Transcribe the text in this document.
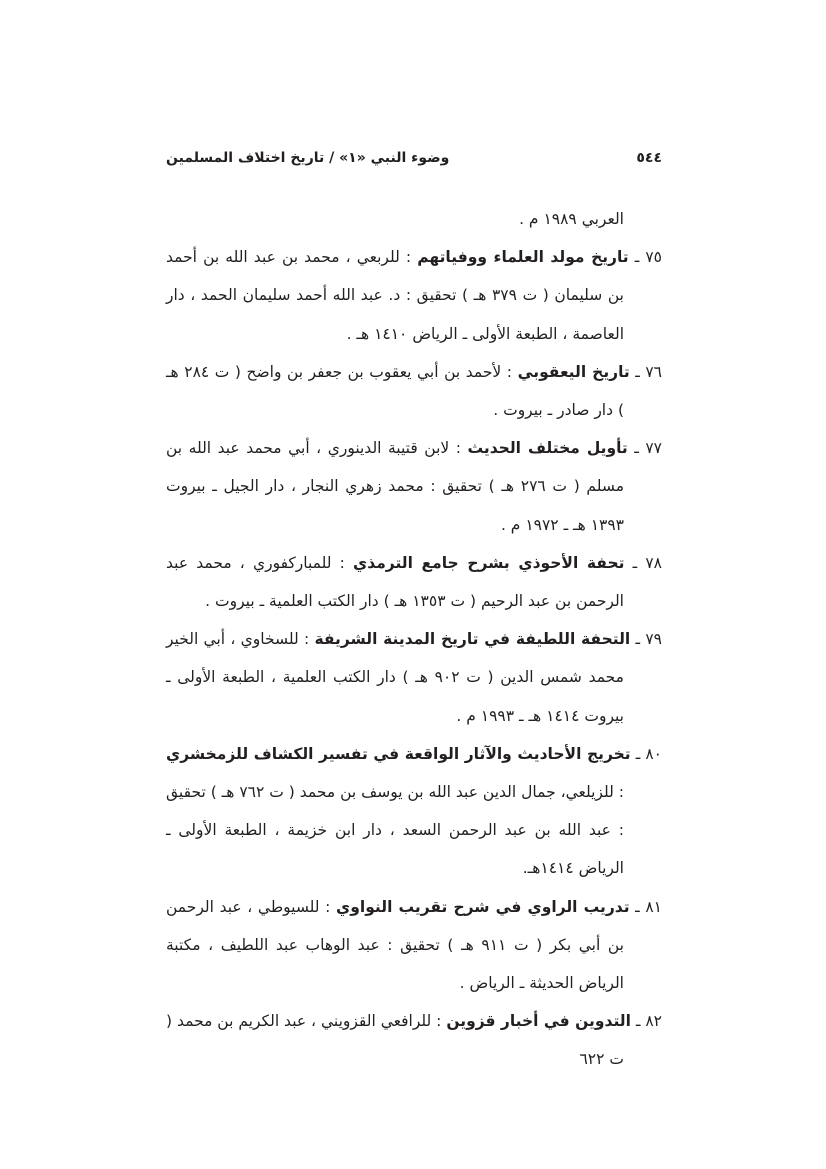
٥٤٤
وضوء النبي «١» / تاريخ اختلاف المسلمين

العربي ١٩٨٩ م .

٧٥ ـ تاريخ مولد العلماء ووفياتهم : للربعي ، محمد بن عبد الله بن أحمد بن سليمان ( ت ٣٧٩ هـ ) تحقيق : د. عبد الله أحمد سليمان الحمد ، دار العاصمة ، الطبعة الأولى ـ الرياض ١٤١٠ هـ .

٧٦ ـ تاريخ اليعقوبي : لأحمد بن أبي يعقوب بن جعفر بن واضح ( ت ٢٨٤ هـ ) دار صادر ـ بيروت .

٧٧ ـ تأويل مختلف الحديث : لابن قتيبة الدينوري ، أبي محمد عبد الله بن مسلم ( ت ٢٧٦ هـ ) تحقيق : محمد زهري النجار ، دار الجيل ـ بيروت ١٣٩٣ هـ ـ ١٩٧٢ م .

٧٨ ـ تحفة الأحوذي بشرح جامع الترمذي : للمباركفوري ، محمد عبد الرحمن بن عبد الرحيم ( ت ١٣٥٣ هـ ) دار الكتب العلمية ـ بيروت .

٧٩ ـ التحفة اللطيفة في تاريخ المدينة الشريفة : للسخاوي ، أبي الخير محمد شمس الدين ( ت ٩٠٢ هـ ) دار الكتب العلمية ، الطبعة الأولى ـ بيروت ١٤١٤ هـ ـ ١٩٩٣ م .

٨٠ ـ تخريج الأحاديث والآثار الواقعة في تفسير الكشاف للزمخشري : للزيلعي، جمال الدين عبد الله بن يوسف بن محمد ( ت ٧٦٢ هـ ) تحقيق : عبد الله بن عبد الرحمن السعد ، دار ابن خزيمة ، الطبعة الأولى ـ الرياض ١٤١٤هـ.

٨١ ـ تدريب الراوي في شرح تقريب النواوي : للسيوطي ، عبد الرحمن بن أبي بكر ( ت ٩١١ هـ ) تحقيق : عبد الوهاب عبد اللطيف ، مكتبة الرياض الحديثة ـ الرياض .

٨٢ ـ التدوين في أخبار قزوين : للرافعي القزويني ، عبد الكريم بن محمد ( ت ٦٢٢
